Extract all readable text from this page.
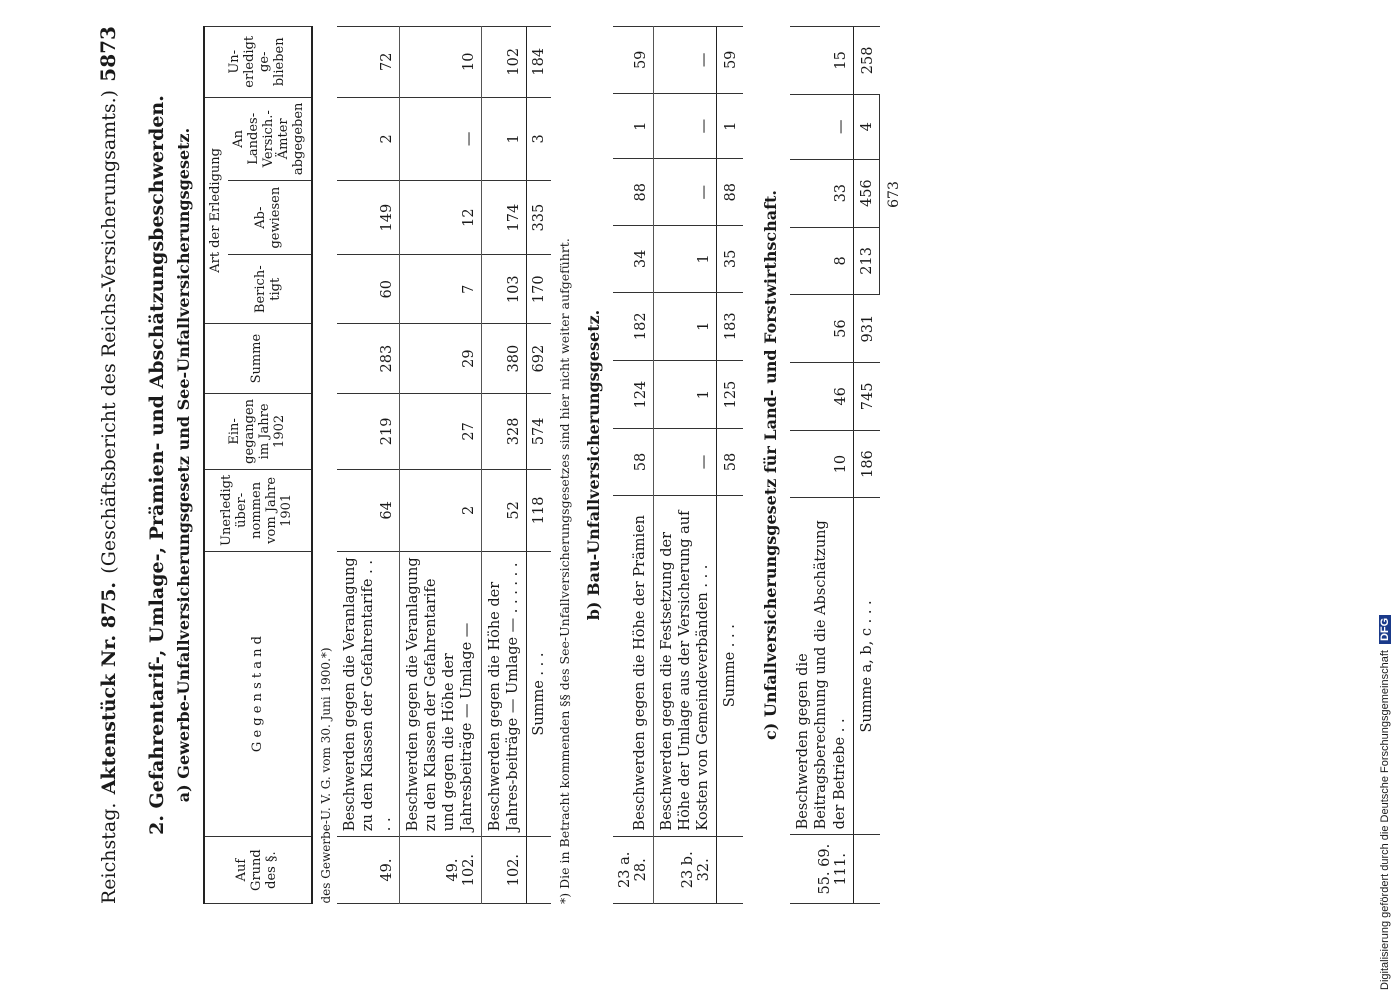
Reichstag.
Aktenstück Nr. 875.
(Geschäftsbericht des Reichs-Versicherungsamts.)
5873
2. Gefahrentarif-, Umlage-, Prämien- und Abschätzungsbeschwerden. a) Gewerbe-Unfallversicherungsgesetz und See-Unfallversicherungsgesetz.
Auf Grund des §.	G e g e n s t a n d	Unerledigt über-nommen vom Jahre 1901	Ein-gegangen im Jahre 1902	Summe	Art der Erledigung			Un-erledigt ge-blieben
					Berich-tigt	Ab-gewiesen	An Landes-Versich.-Ämter abgegeben	
des Gewerbe-U. V. G. vom 30. Juni 1900.*)								
49.	Beschwerden gegen die Veranlagung zu den Klassen der Gefahrentarife . . . .	64	219	283	60	149	2	72
49. 102.	Beschwerden gegen die Veranlagung zu den Klassen der Gefahrentarife und gegen die Höhe der Jahresbeiträge — Umlage —	2	27	29	7	12	—	10
102.	Beschwerden gegen die Höhe der Jahres-beiträge — Umlage — . . . . . .	52	328	380	103	174	1	102
	Summe . . .	118	574	692	170	335	3	184
*) Die in Betracht kommenden §§ des See-Unfallversicherungsgesetzes sind hier nicht weiter aufgeführt. b) Bau-Unfallversicherungsgesetz.
23 a. 28.	Beschwerden gegen die Höhe der Prämien	58	124	182	34	88	1	59
23 b. 32.	Beschwerden gegen die Festsetzung der Höhe der Umlage aus der Versicherung auf Kosten von Gemeindeverbänden . . .	—	1	1	1	—	—	—
	Summe . . .	58	125	183	35	88	1	59
c) Unfallversicherungsgesetz für Land- und Forstwirthschaft.
55. 69. 111.	Beschwerden gegen die Beitragsberechnung und die Abschätzung der Betriebe . .	10	46	56	8	33	—	15
	Summe a, b, c . . .	186	745	931	213	456	4	258
					673			
Digitalisierung gefördert durch die Deutsche ForschungsgemeinschaftDFG
